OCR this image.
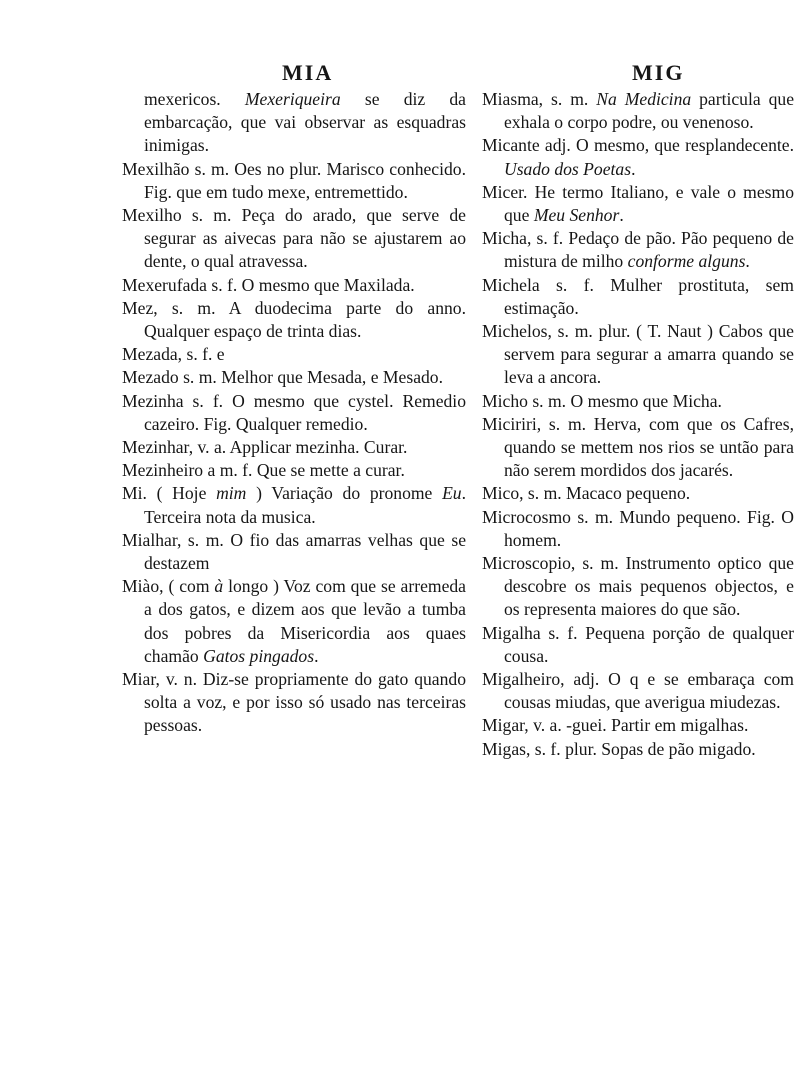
MIA	MIG
mexericos. Mexeriqueira se diz da embarcação, que vai observar as esquadras inimigas.
Mexilhão s. m. Oes no plur. Marisco conhecido. Fig. que em tudo mexe, entremettido.
Mexilho s. m. Peça do arado, que serve de segurar as aivecas para não se ajustarem ao dente, o qual atravessa.
Mexerufada s. f. O mesmo que Maxilada.
Mez, s. m. A duodecima parte do anno. Qualquer espaço de trinta dias.
Mezada, s. f. e
Mezado s. m. Melhor que Mesada, e Mesado.
Mezinha s. f. O mesmo que cystel. Remedio cazeiro. Fig. Qualquer remedio.
Mezinhar, v. a. Applicar mezinha. Curar.
Mezinheiro a m. f. Que se mette a curar.
Mi. ( Hoje mim ) Variação do pronome Eu. Terceira nota da musica.
Mialhar, s. m. O fio das amarras velhas que se destazem
Miào, ( com à longo ) Voz com que se arremeda a dos gatos, e dizem aos que levão a tumba dos pobres da Misericordia aos quaes chamão Gatos pingados.
Miar, v. n. Diz-se propriamente do gato quando solta a voz, e por isso só usado nas terceiras pessoas.
Miasma, s. m. Na Medicina particula que exhala o corpo podre, ou venenoso.
Micante adj. O mesmo, que resplandecente. Usado dos Poetas.
Micer. He termo Italiano, e vale o mesmo que Meu Senhor.
Micha, s. f. Pedaço de pão. Pão pequeno de mistura de milho conforme alguns.
Michela s. f. Mulher prostituta, sem estimação.
Michelos, s. m. plur. ( T. Naut ) Cabos que servem para segurar a amarra quando se leva a ancora.
Micho s. m. O mesmo que Micha.
Miciriri, s. m. Herva, com que os Cafres, quando se mettem nos rios se untão para não serem mordidos dos jacarés.
Mico, s. m. Macaco pequeno.
Microcosmo s. m. Mundo pequeno. Fig. O homem.
Microscopio, s. m. Instrumento optico que descobre os mais pequenos objectos, e os representa maiores do que são.
Migalha s. f. Pequena porção de qualquer cousa.
Migalheiro, adj. O q e se embaraça com cousas miudas, que averigua miudezas.
Migar, v. a. -guei. Partir em migalhas.
Migas, s. f. plur. Sopas de pão migado.
